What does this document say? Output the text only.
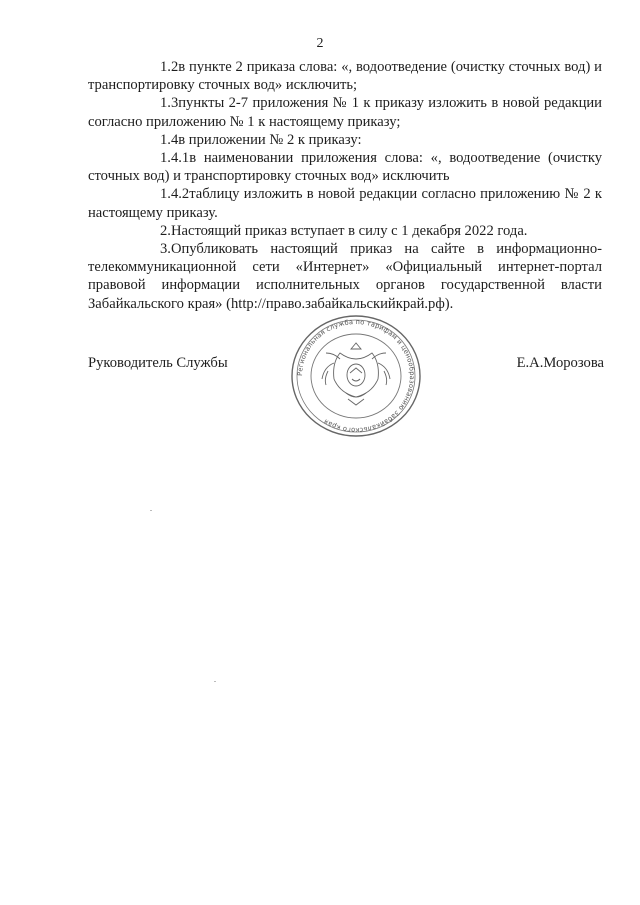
2

1.2в пункте 2 приказа слова: «, водоотведение (очистку сточных вод) и транспортировку сточных вод» исключить;

1.3пункты 2-7 приложения № 1 к приказу изложить в новой редакции согласно приложению № 1 к настоящему приказу;

1.4в приложении № 2 к приказу:

1.4.1в наименовании приложения слова: «, водоотведение (очистку сточных вод) и транспортировку сточных вод» исключить

1.4.2таблицу изложить в новой редакции согласно приложению № 2 к настоящему приказу.

2.Настоящий приказ вступает в силу с 1 декабря 2022 года.

3.Опубликовать настоящий приказ на сайте в информационно-телекоммуникационной сети «Интернет» «Официальный интернет-портал правовой информации исполнительных органов государственной власти Забайкальского края» (http://право.забайкальскийкрай.рф).

Руководитель Службы	Е.А.Морозова
Региональная служба по тарифам и ценообразованию Забайкальского края
